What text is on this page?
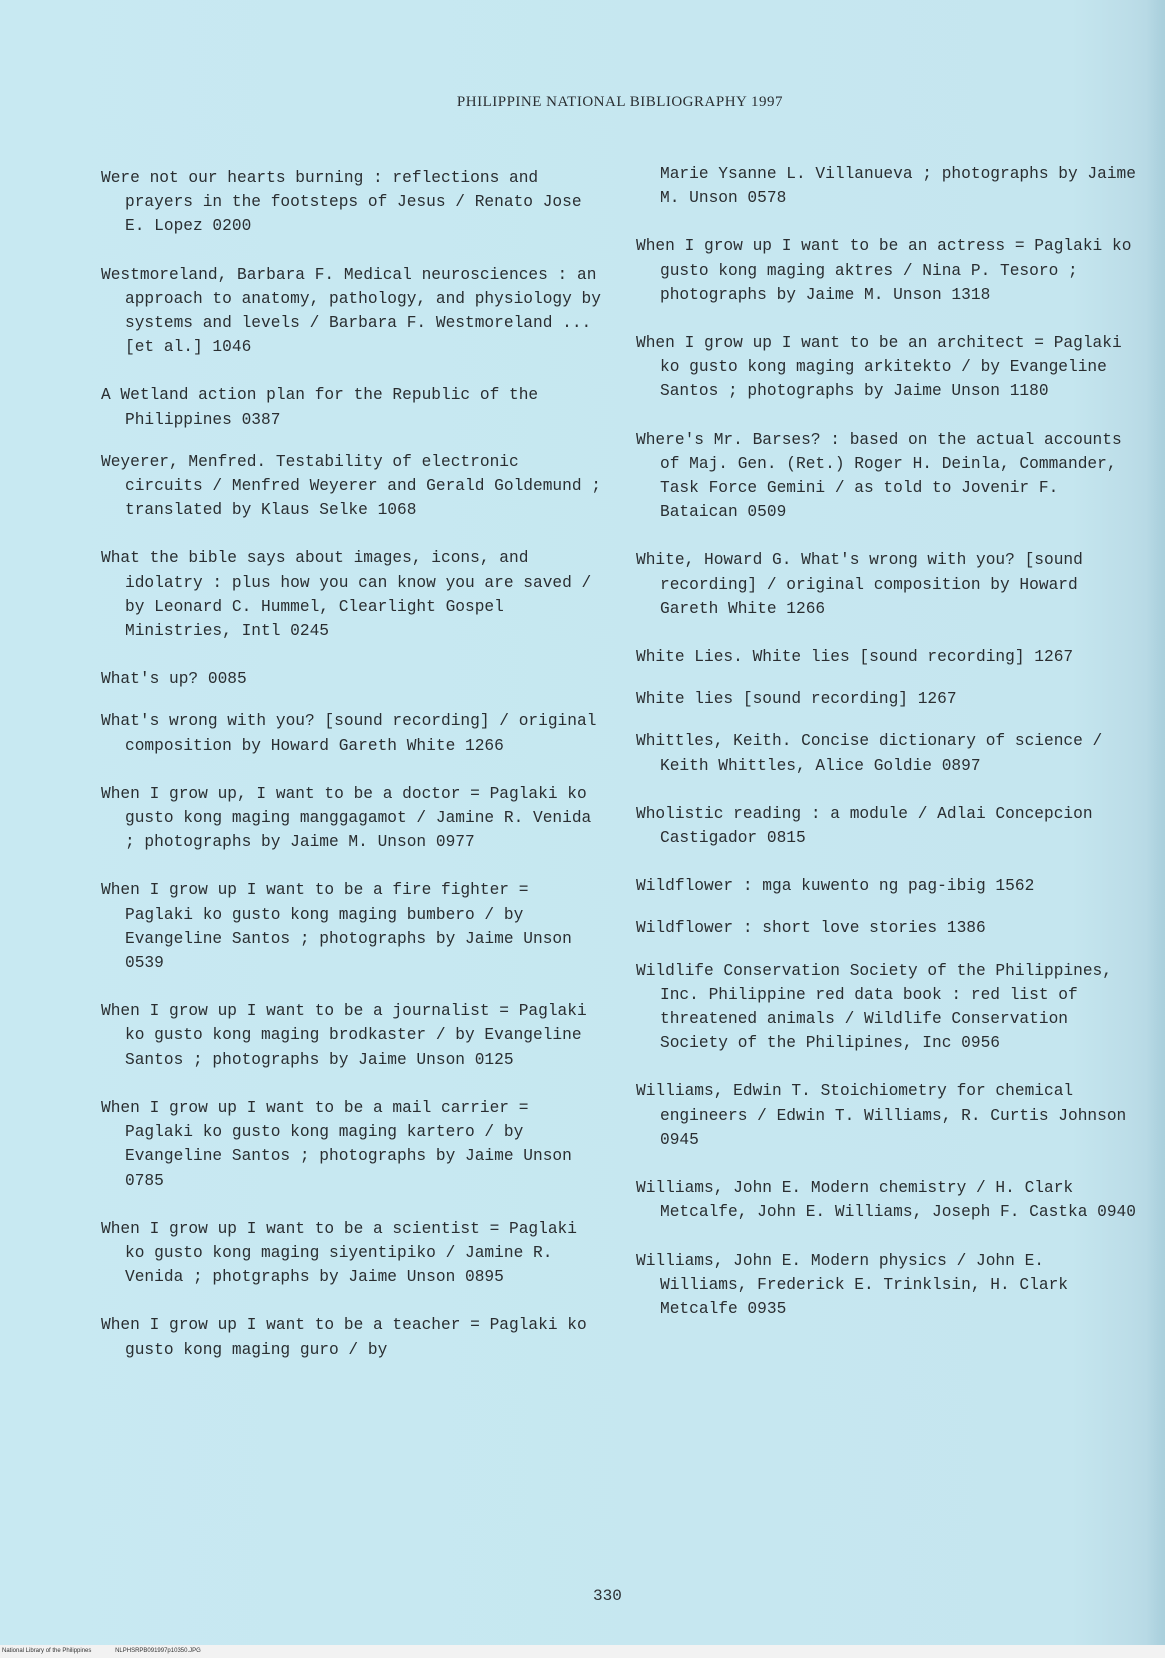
PHILIPPINE NATIONAL BIBLIOGRAPHY 1997

Were not our hearts burning : reflections and prayers in the footsteps of Jesus / Renato Jose E. Lopez 0200

Westmoreland, Barbara F. Medical neurosciences : an approach to anatomy, pathology, and physiology by systems and levels / Barbara F. Westmoreland ... [et al.] 1046

A Wetland action plan for the Republic of the Philippines 0387

Weyerer, Menfred. Testability of electronic circuits / Menfred Weyerer and Gerald Goldemund ; translated by Klaus Selke 1068

What the bible says about images, icons, and idolatry : plus how you can know you are saved / by Leonard C. Hummel, Clearlight Gospel Ministries, Intl 0245

What's up? 0085

What's wrong with you? [sound recording] / original composition by Howard Gareth White 1266

When I grow up, I want to be a doctor = Paglaki ko gusto kong maging manggagamot / Jamine R. Venida ; photographs by Jaime M. Unson 0977

When I grow up I want to be a fire fighter = Paglaki ko gusto kong maging bumbero / by Evangeline Santos ; photographs by Jaime Unson 0539

When I grow up I want to be a journalist = Paglaki ko gusto kong maging brodkaster / by Evangeline Santos ; photographs by Jaime Unson 0125

When I grow up I want to be a mail carrier = Paglaki ko gusto kong maging kartero / by Evangeline Santos ; photographs by Jaime Unson 0785

When I grow up I want to be a scientist = Paglaki ko gusto kong maging siyentipiko / Jamine R. Venida ; photgraphs by Jaime Unson 0895

When I grow up I want to be a teacher = Paglaki ko gusto kong maging guro / by

Marie Ysanne L. Villanueva ; photographs by Jaime M. Unson 0578

When I grow up I want to be an actress = Paglaki ko gusto kong maging aktres / Nina P. Tesoro ; photographs by Jaime M. Unson 1318

When I grow up I want to be an architect = Paglaki ko gusto kong maging arkitekto / by Evangeline Santos ; photographs by Jaime Unson 1180

Where's Mr. Barses? : based on the actual accounts of Maj. Gen. (Ret.) Roger H. Deinla, Commander, Task Force Gemini / as told to Jovenir F. Bataican 0509

White, Howard G. What's wrong with you? [sound recording] / original composition by Howard Gareth White 1266

White Lies. White lies [sound recording] 1267

White lies [sound recording] 1267

Whittles, Keith. Concise dictionary of science / Keith Whittles, Alice Goldie 0897

Wholistic reading : a module / Adlai Concepcion Castigador 0815

Wildflower : mga kuwento ng pag-ibig 1562

Wildflower : short love stories 1386

Wildlife Conservation Society of the Philippines, Inc. Philippine red data book : red list of threatened animals / Wildlife Conservation Society of the Philipines, Inc 0956

Williams, Edwin T. Stoichiometry for chemical engineers / Edwin T. Williams, R. Curtis Johnson 0945

Williams, John E. Modern chemistry / H. Clark Metcalfe, John E. Williams, Joseph F. Castka 0940

Williams, John E. Modern physics / John E. Williams, Frederick E. Trinklsin, H. Clark Metcalfe 0935

330
National Library of the Philippines	NLPHSRPB091997p10350.JPG
